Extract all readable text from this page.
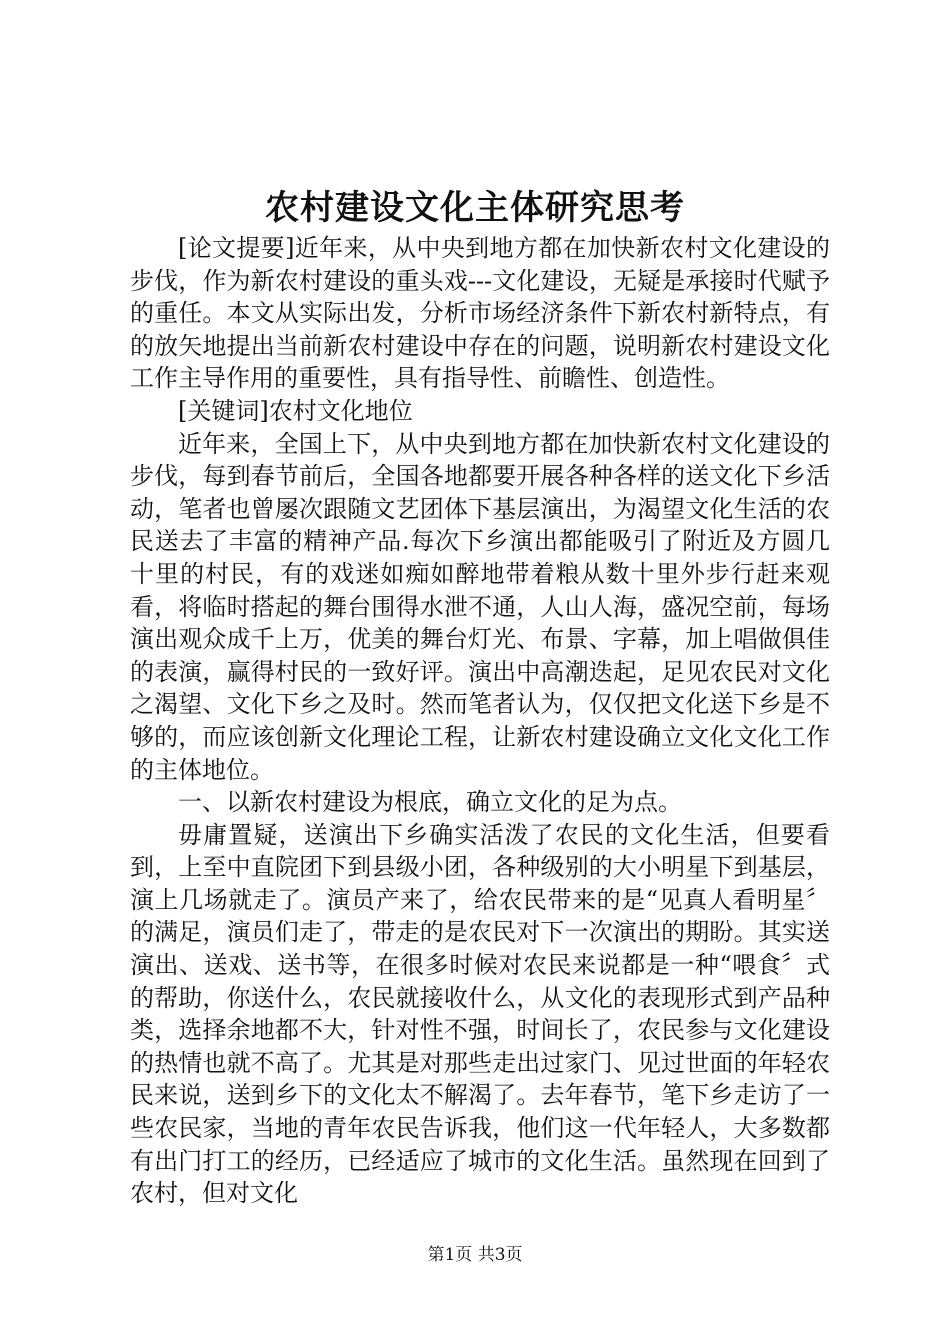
农村建设文化主体研究思考

[论文提要]近年来，从中央到地方都在加快新农村文化建设的步伐，作为新农村建设的重头戏---文化建设，无疑是承接时代赋予的重任。本文从实际出发，分析市场经济条件下新农村新特点，有的放矢地提出当前新农村建设中存在的问题，说明新农村建设文化工作主导作用的重要性，具有指导性、前瞻性、创造性。

[关键词]农村文化地位

近年来，全国上下，从中央到地方都在加快新农村文化建设的步伐，每到春节前后，全国各地都要开展各种各样的送文化下乡活动，笔者也曾屡次跟随文艺团体下基层演出，为渴望文化生活的农民送去了丰富的精神产品.每次下乡演出都能吸引了附近及方圆几十里的村民，有的戏迷如痴如醉地带着粮从数十里外步行赶来观看，将临时搭起的舞台围得水泄不通，人山人海，盛况空前，每场演出观众成千上万，优美的舞台灯光、布景、字幕，加上唱做俱佳的表演，赢得村民的一致好评。演出中高潮迭起，足见农民对文化之渴望、文化下乡之及时。然而笔者认为，仅仅把文化送下乡是不够的，而应该创新文化理论工程，让新农村建设确立文化文化工作的主体地位。

一、以新农村建设为根底，确立文化的足为点。

毋庸置疑，送演出下乡确实活泼了农民的文化生活，但要看到，上至中直院团下到县级小团，各种级别的大小明星下到基层，演上几场就走了。演员产来了，给农民带来的是“见真人看明星〞的满足，演员们走了，带走的是农民对下一次演出的期盼。其实送演出、送戏、送书等，在很多时候对农民来说都是一种“喂食〞式的帮助，你送什么，农民就接收什么，从文化的表现形式到产品种类，选择余地都不大，针对性不强，时间长了，农民参与文化建设的热情也就不高了。尤其是对那些走出过家门、见过世面的年轻农民来说，送到乡下的文化太不解渴了。去年春节，笔下乡走访了一些农民家，当地的青年农民告诉我，他们这一代年轻人，大多数都有出门打工的经历，已经适应了城市的文化生活。虽然现在回到了农村，但对文化

第1页 共3页
